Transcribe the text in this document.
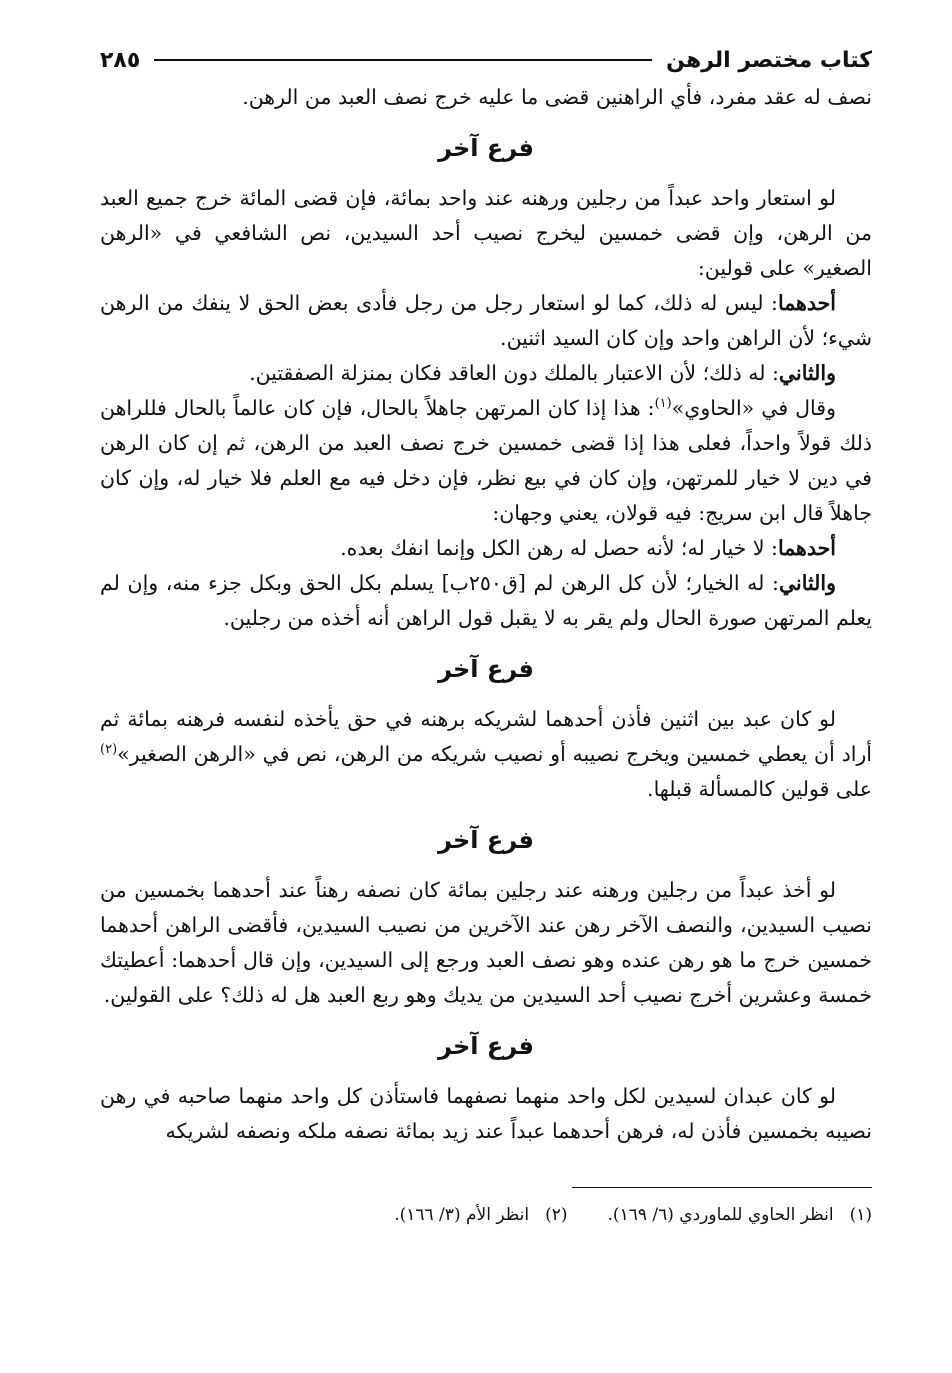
كتاب مختصر الرهن
٢٨٥

نصف له عقد مفرد، فأي الراهنين قضى ما عليه خرج نصف العبد من الرهن.

فرع آخر

لو استعار واحد عبداً من رجلين ورهنه عند واحد بمائة، فإن قضى المائة خرج جميع العبد من الرهن، وإن قضى خمسين ليخرج نصيب أحد السيدين، نص الشافعي في «الرهن الصغير» على قولين:

أحدهما: ليس له ذلك، كما لو استعار رجل من رجل فأدى بعض الحق لا ينفك من الرهن شيء؛ لأن الراهن واحد وإن كان السيد اثنين.

والثاني: له ذلك؛ لأن الاعتبار بالملك دون العاقد فكان بمنزلة الصفقتين.

وقال في «الحاوي»$^{(١)}$: هذا إذا كان المرتهن جاهلاً بالحال، فإن كان عالماً بالحال فللراهن ذلك قولاً واحداً، فعلى هذا إذا قضى خمسين خرج نصف العبد من الرهن، ثم إن كان الرهن في دين لا خيار للمرتهن، وإن كان في بيع نظر، فإن دخل فيه مع العلم فلا خيار له، وإن كان جاهلاً قال ابن سريج: فيه قولان، يعني وجهان:

أحدهما: لا خيار له؛ لأنه حصل له رهن الكل وإنما انفك بعده.

والثاني: له الخيار؛ لأن كل الرهن لم [ق٢٥٠ب] يسلم بكل الحق وبكل جزء منه، وإن لم يعلم المرتهن صورة الحال ولم يقر به لا يقبل قول الراهن أنه أخذه من رجلين.

فرع آخر

لو كان عبد بين اثنين فأذن أحدهما لشريكه برهنه في حق يأخذه لنفسه فرهنه بمائة ثم أراد أن يعطي خمسين ويخرج نصيبه أو نصيب شريكه من الرهن، نص في «الرهن الصغير»$^{(٢)}$ على قولين كالمسألة قبلها.

فرع آخر

لو أخذ عبداً من رجلين ورهنه عند رجلين بمائة كان نصفه رهناً عند أحدهما بخمسين من نصيب السيدين، والنصف الآخر رهن عند الآخرين من نصيب السيدين، فأقضى الراهن أحدهما خمسين خرج ما هو رهن عنده وهو نصف العبد ورجع إلى السيدين، وإن قال أحدهما: أعطيتك خمسة وعشرين أخرج نصيب أحد السيدين من يديك وهو ربع العبد هل له ذلك؟ على القولين.

فرع آخر

لو كان عبدان لسيدين لكل واحد منهما نصفهما فاستأذن كل واحد منهما صاحبه في رهن نصيبه بخمسين فأذن له، فرهن أحدهما عبداً عند زيد بمائة نصفه ملكه ونصفه لشريكه

(١)انظر الحاوي للماوردي (٦/ ١٦٩).
(٢)انظر الأم (٣/ ١٦٦).
